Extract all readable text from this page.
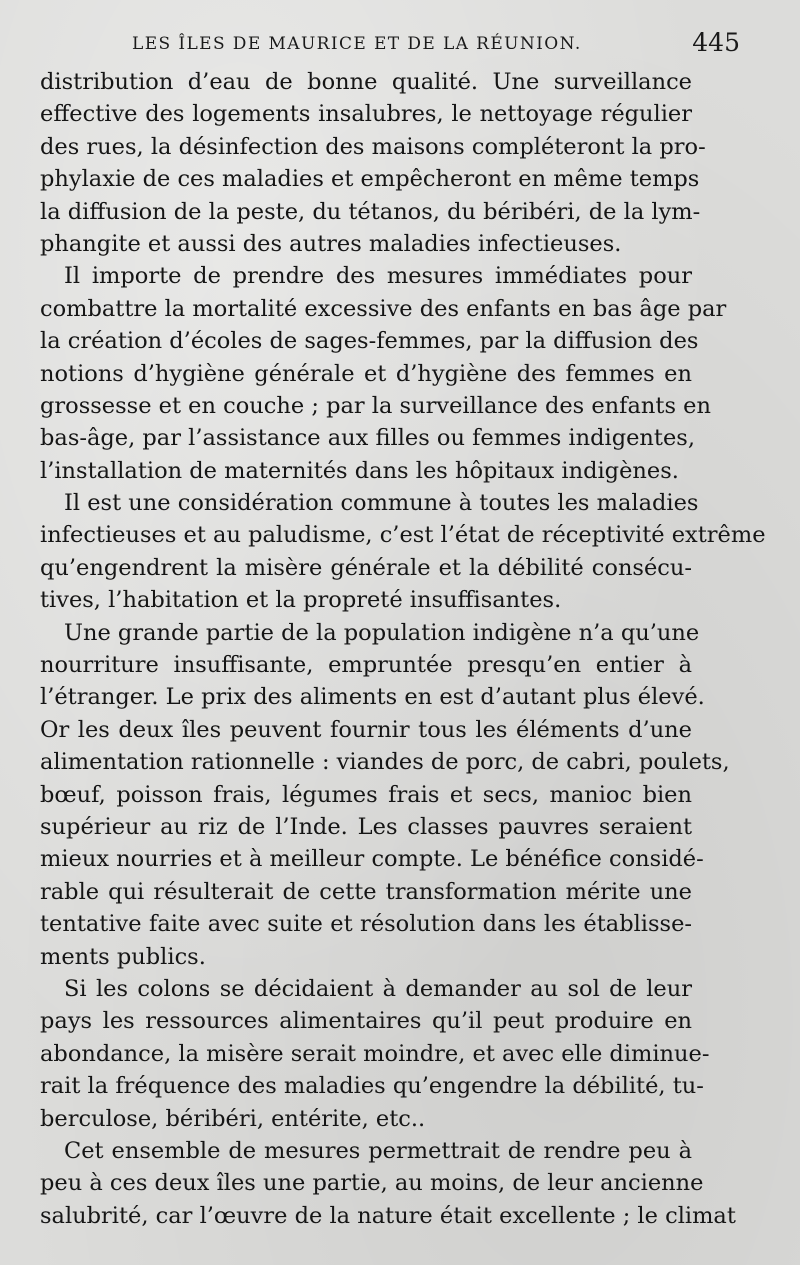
LES ÎLES DE MAURICE ET DE LA RÉUNION.	445
distribution d’eau de bonne qualité. Une surveillance
effective des logements insalubres, le nettoyage régulier
des rues, la désinfection des maisons compléteront la pro-
phylaxie de ces maladies et empêcheront en même temps
la diffusion de la peste, du tétanos, du béribéri, de la lym-
phangite et aussi des autres maladies infectieuses.
Il importe de prendre des mesures immédiates pour
combattre la mortalité excessive des enfants en bas âge par
la création d’écoles de sages-femmes, par la diffusion des
notions d’hygiène générale et d’hygiène des femmes en
grossesse et en couche ; par la surveillance des enfants en
bas-âge, par l’assistance aux filles ou femmes indigentes,
l’installation de maternités dans les hôpitaux indigènes.
Il est une considération commune à toutes les maladies
infectieuses et au paludisme, c’est l’état de réceptivité extrême
qu’engendrent la misère générale et la débilité consécu-
tives, l’habitation et la propreté insuffisantes.
Une grande partie de la population indigène n’a qu’une
nourriture insuffisante, empruntée presqu’en entier à
l’étranger. Le prix des aliments en est d’autant plus élevé.
Or les deux îles peuvent fournir tous les éléments d’une
alimentation rationnelle : viandes de porc, de cabri, poulets,
bœuf, poisson frais, légumes frais et secs, manioc bien
supérieur au riz de l’Inde. Les classes pauvres seraient
mieux nourries et à meilleur compte. Le bénéfice considé-
rable qui résulterait de cette transformation mérite une
tentative faite avec suite et résolution dans les établisse-
ments publics.
Si les colons se décidaient à demander au sol de leur
pays les ressources alimentaires qu’il peut produire en
abondance, la misère serait moindre, et avec elle diminue-
rait la fréquence des maladies qu’engendre la débilité, tu-
berculose, béribéri, entérite, etc..
Cet ensemble de mesures permettrait de rendre peu à
peu à ces deux îles une partie, au moins, de leur ancienne
salubrité, car l’œuvre de la nature était excellente ; le climat
